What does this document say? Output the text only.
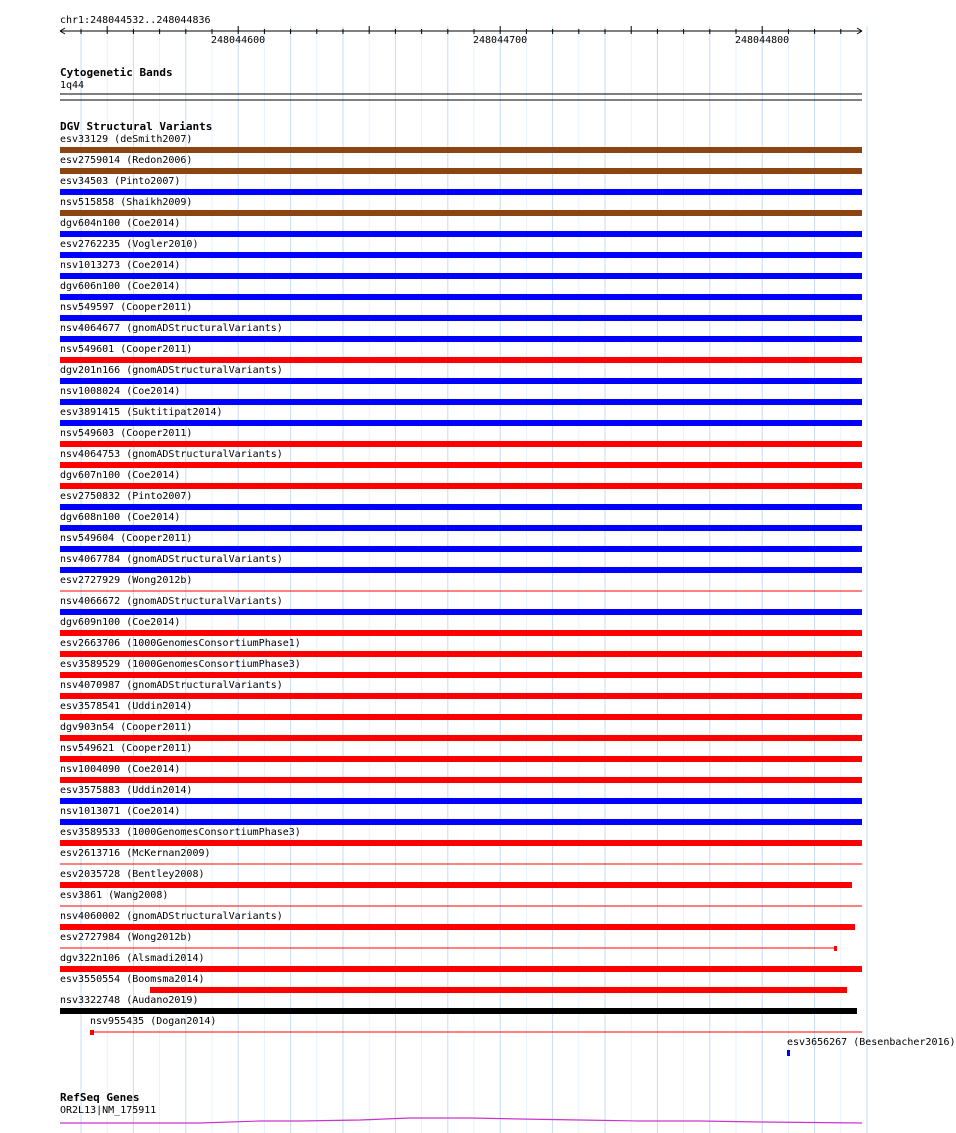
chr1:248044532..248044836
248044600	248044700	248044800
Cytogenetic Bands
1q44
DGV Structural Variants
esv33129 (deSmith2007)
esv2759014 (Redon2006)
esv34503 (Pinto2007)
nsv515858 (Shaikh2009)
dgv604n100 (Coe2014)
esv2762235 (Vogler2010)
nsv1013273 (Coe2014)
dgv606n100 (Coe2014)
nsv549597 (Cooper2011)
nsv4064677 (gnomADStructuralVariants)
nsv549601 (Cooper2011)
dgv201n166 (gnomADStructuralVariants)
nsv1008024 (Coe2014)
esv3891415 (Suktitipat2014)
nsv549603 (Cooper2011)
nsv4064753 (gnomADStructuralVariants)
dgv607n100 (Coe2014)
esv2750832 (Pinto2007)
dgv608n100 (Coe2014)
nsv549604 (Cooper2011)
nsv4067784 (gnomADStructuralVariants)
esv2727929 (Wong2012b)
nsv4066672 (gnomADStructuralVariants)
dgv609n100 (Coe2014)
esv2663706 (1000GenomesConsortiumPhase1)
esv3589529 (1000GenomesConsortiumPhase3)
nsv4070987 (gnomADStructuralVariants)
esv3578541 (Uddin2014)
dgv903n54 (Cooper2011)
nsv549621 (Cooper2011)
nsv1004090 (Coe2014)
esv3575883 (Uddin2014)
nsv1013071 (Coe2014)
esv3589533 (1000GenomesConsortiumPhase3)
esv2613716 (McKernan2009)
esv2035728 (Bentley2008)
esv3861 (Wang2008)
nsv4060002 (gnomADStructuralVariants)
esv2727984 (Wong2012b)
dgv322n106 (Alsmadi2014)
esv3550554 (Boomsma2014)
nsv3322748 (Audano2019)
nsv955435 (Dogan2014)
esv3656267 (Besenbacher2016)
RefSeq Genes
OR2L13|NM_175911
